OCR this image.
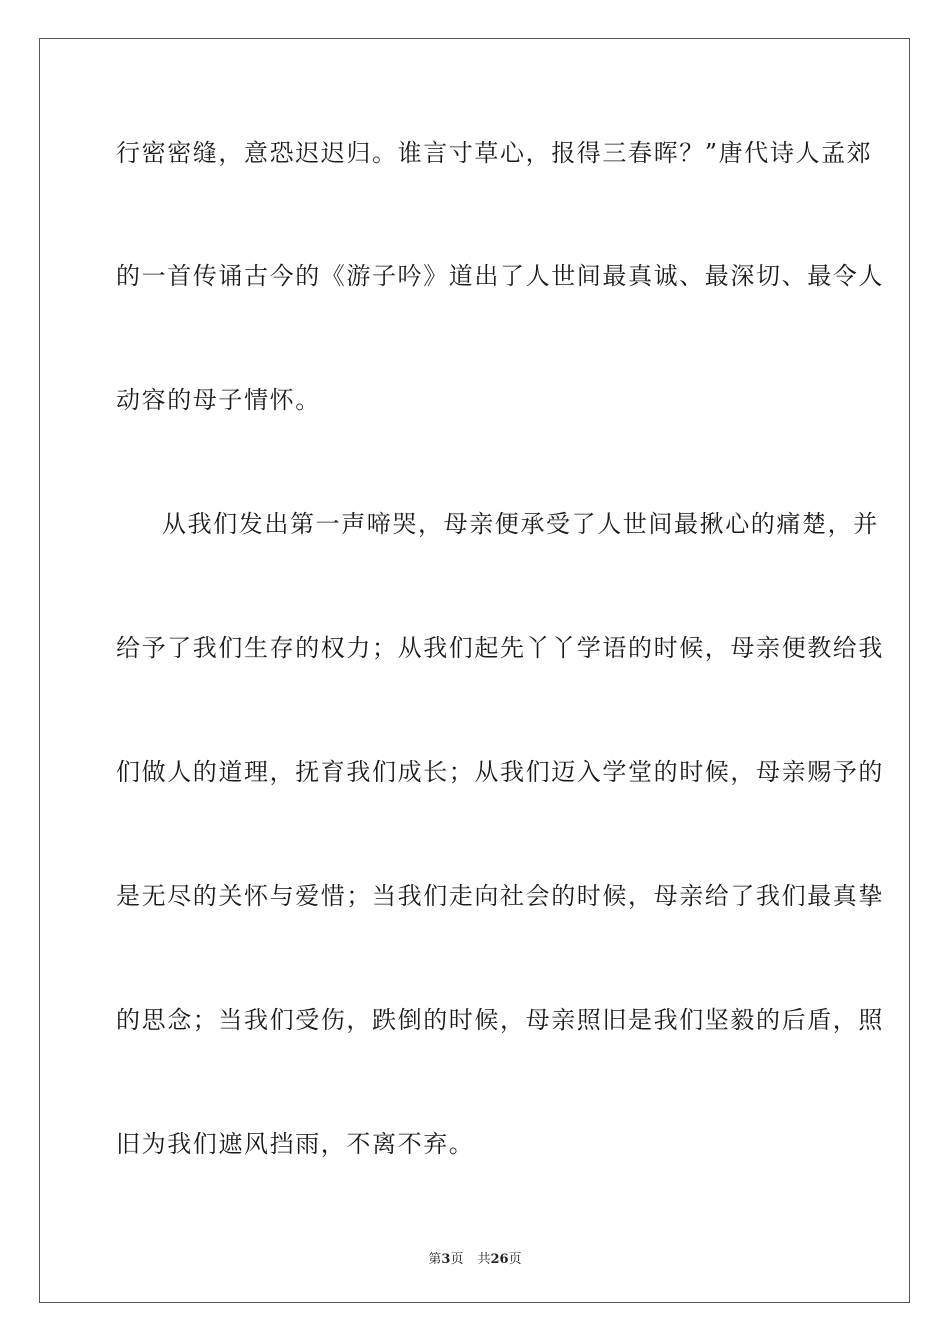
行密密缝，意恐迟迟归。谁言寸草心，报得三春晖？”唐代诗人孟郊
的一首传诵古今的《游子吟》道出了人世间最真诚、最深切、最令人
动容的母子情怀。
从我们发出第一声啼哭，母亲便承受了人世间最揪心的痛楚，并
给予了我们生存的权力；从我们起先丫丫学语的时候，母亲便教给我
们做人的道理，抚育我们成长；从我们迈入学堂的时候，母亲赐予的
是无尽的关怀与爱惜；当我们走向社会的时候，母亲给了我们最真挚
的思念；当我们受伤，跌倒的时候，母亲照旧是我们坚毅的后盾，照
旧为我们遮风挡雨，不离不弃。
第3页 共26页
